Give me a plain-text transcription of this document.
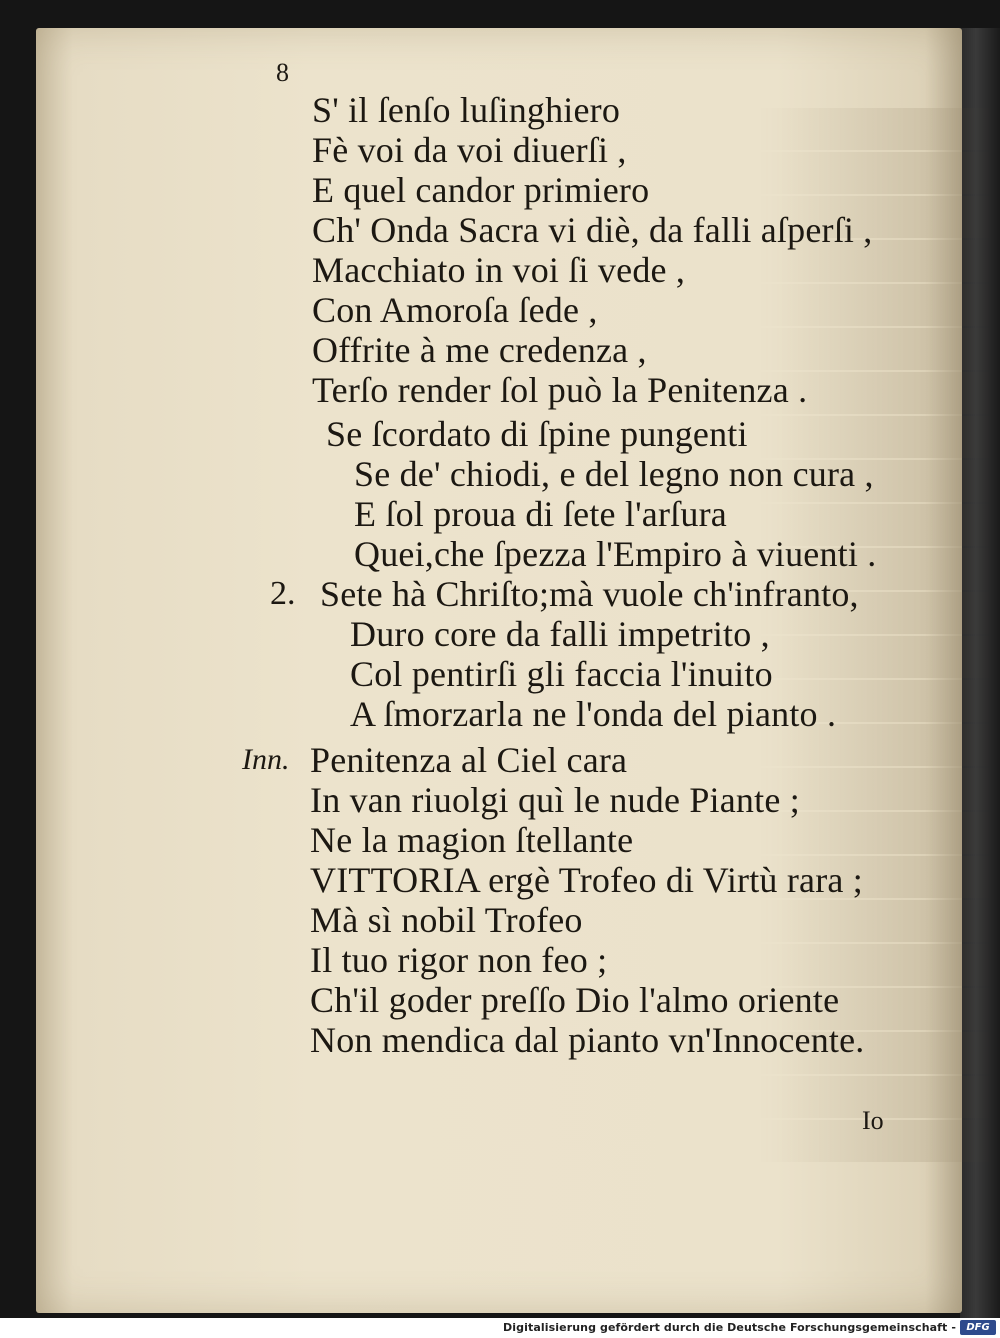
8
S' il ſenſo luſinghiero
Fè voi da voi diuerſi ,
E quel candor primiero
Ch' Onda Sacra vi diè, da falli aſperſi ,
Macchiato in voi ſi vede ,
Con Amoroſa ſede ,
Offrite à me credenza ,
Terſo render ſol può la Penitenza .
Se ſcordato di ſpine pungenti
Se de' chiodi, e del legno non cura ,
E ſol proua di ſete l'arſura
Quei,che ſpezza l'Empiro à viuenti .
2. Sete hà Chriſto;mà vuole ch'infranto,
Duro core da falli impetrito ,
Col pentirſi gli faccia l'inuito
A ſmorzarla ne l'onda del pianto .
Inn. Penitenza al Ciel cara
In van riuolgi quì le nude Piante ;
Ne la magion ſtellante
VITTORIA ergè Trofeo di Virtù rara ;
Mà sì nobil Trofeo
Il tuo rigor non feo ;
Ch'il goder preſſo Dio l'almo oriente
Non mendica dal pianto vn'Innocente.
Io
Digitalisierung gefördert durch die Deutsche Forschungsgemeinschaft -	DFG
